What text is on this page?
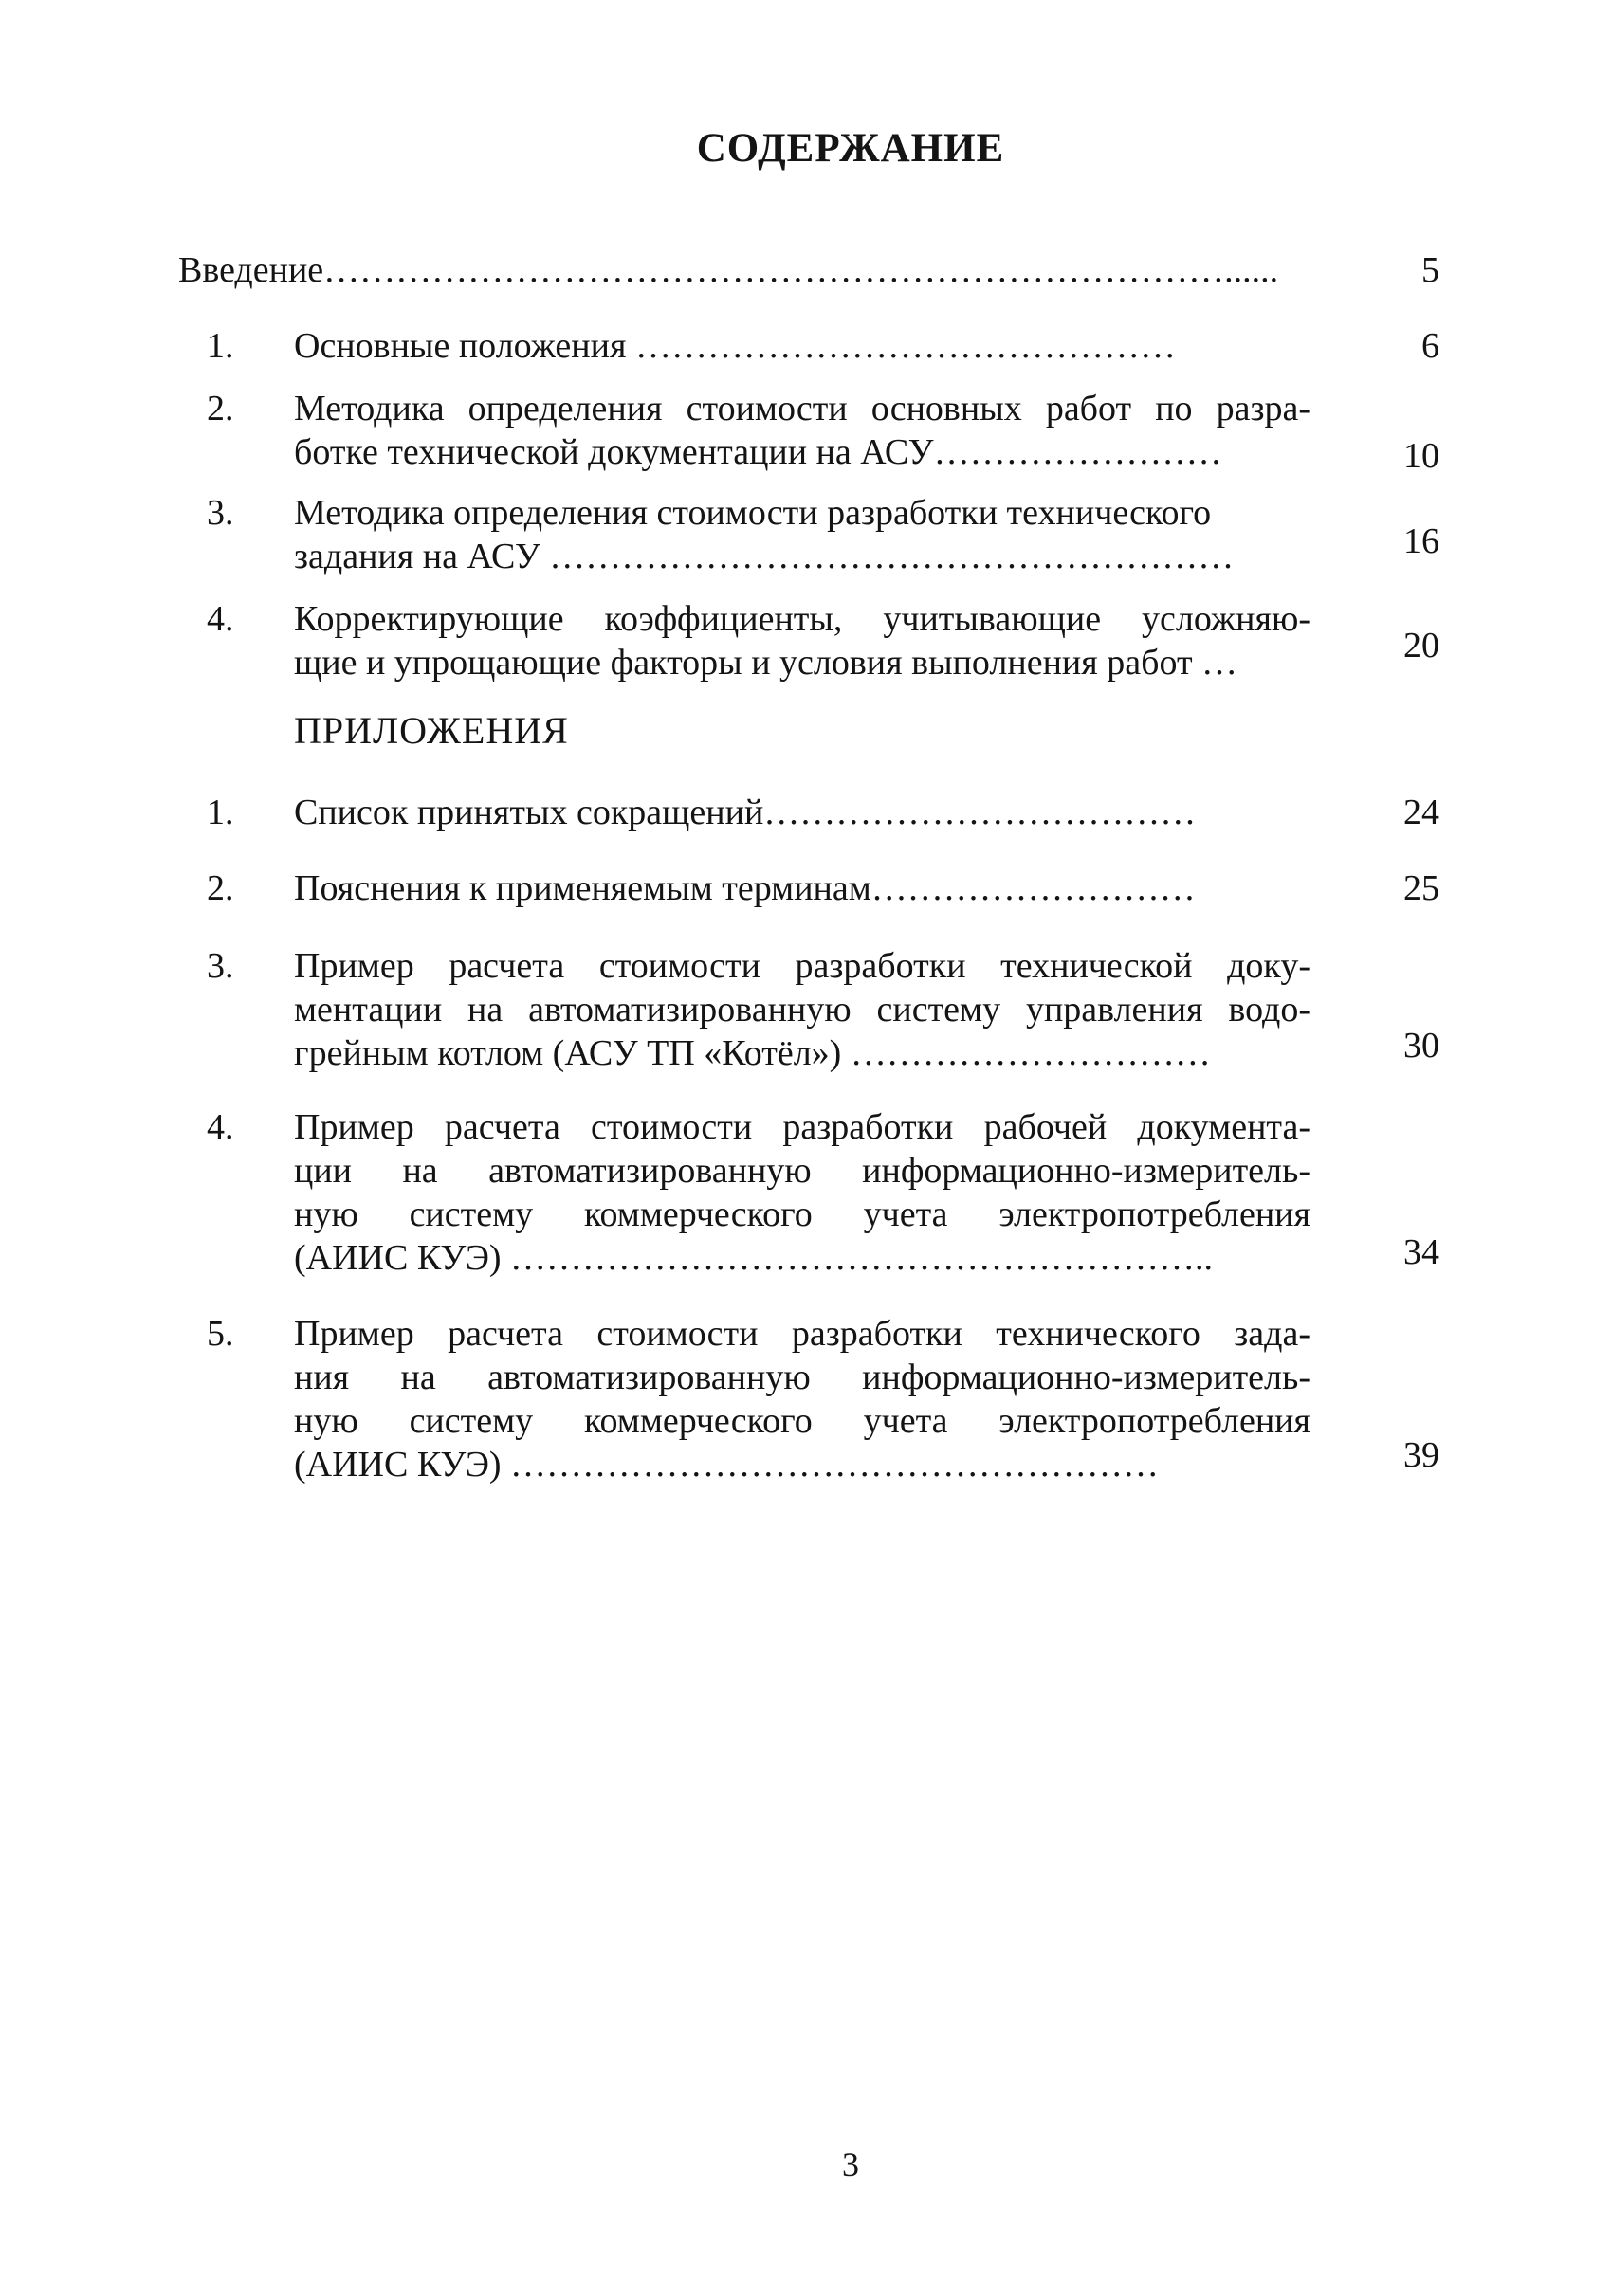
СОДЕРЖАНИЕ
Введение…………………………………………………………………......	5
1. Основные положения ………………………………………	6
2. Методика определения стоимости основных работ по разра-
ботке технической документации на АСУ……………………	10
3. Методика определения стоимости разработки технического
задания на АСУ …………………………………………………	16
4. Корректирующие коэффициенты, учитывающие усложняю-
щие и упрощающие факторы и условия выполнения работ …	20
ПРИЛОЖЕНИЯ
1. Список принятых сокращений………………………………	24
2. Пояснения к применяемым терминам………………………	25
3. Пример расчета стоимости разработки технической доку-
ментации на автоматизированную систему управления водо-
грейным котлом (АСУ ТП «Котёл») …………………………	30
4. Пример расчета стоимости разработки рабочей документа-
ции на автоматизированную информационно-измеритель-
ную систему коммерческого учета электропотребления
(АИИС КУЭ) …………………………………………………..	34
5. Пример расчета стоимости разработки технического зада-
ния на автоматизированную информационно-измеритель-
ную систему коммерческого учета электропотребления
(АИИС КУЭ) ………………………………………………	39
3
